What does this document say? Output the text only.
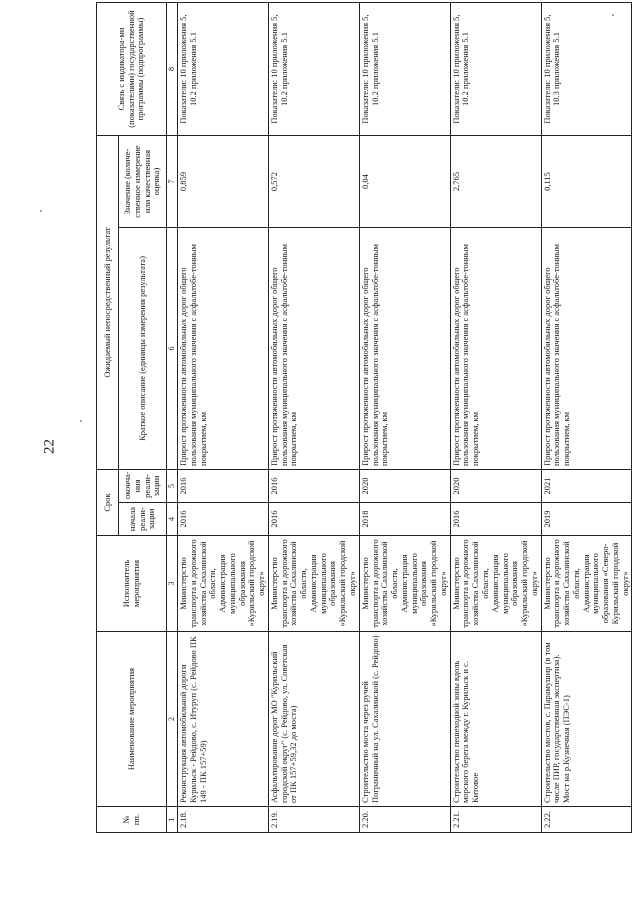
22
№ пп.	Наименование мероприятия	Исполнитель мероприятия	Срок		Ожидаемый непосредственный результат		Связь с индикатора-ми (показателями) государственной программы (подпрограммы)
			начала реали-зации	оконча-ния реали-зации	Краткое описание (единицы измерения результата)	Значение (количе-ственное измерение или качественная оценка)	

1	2	3	4	5	6	7	8
2.18.	Реконструкция автомобильной дороги Курильск - Рейдово, с. Итуруп (с. Рейдово ПК 149 - ПК 157+59)	Министерство транспорта и дорожного хозяйства Сахалинской области, Администрация муниципального образования «Курильский городской округ»	2016	2016	Прирост протяженности автомобильных дорог общего пользования муниципального значения с асфальтобе-тонным покрытием, км	0,859	Показатели: 10 приложения 5, 10.2 приложения 5.1
2.19.	Асфальтирование дорог МО "Курильский городской округ" (с. Рейдово, ул. Советская от ПК 157+59,32 до моста)	Министерство транспорта и дорожного хозяйства Сахалинской области, Администрация муниципального образования «Курильский городской округ»	2016	2016	Прирост протяженности автомобильных дорог общего пользования муниципального значения с асфальтобе-тонным покрытием, км	0,572	Показатели: 10 приложения 5, 10.2 приложения 5.1
2.20.	Строительство моста через ручей Пограничный на ул. Сахалинской (с. Рейдово)	Министерство транспорта и дорожного хозяйства Сахалинской области, Администрация муниципального образования «Курильский городской округ»	2018	2020	Прирост протяженности автомобильных дорог общего пользования муниципального значения с асфальтобе-тонным покрытием, км	0,04	Показатели: 10 приложения 5, 10.2 приложения 5.1
2.21.	Строительство пешеходной зоны вдоль морского берега между г. Курильск и с. Китовое	Министерство транспорта и дорожного хозяйства Сахалинской области, Администрация муниципального образования «Курильский городской округ»	2016	2020	Прирост протяженности автомобильных дорог общего пользования муниципального значения с асфальтобе-тонным покрытием, км	2,765	Показатели: 10 приложения 5, 10.2 приложения 5.1
2.22.	Строительство мостов, с. Парамушир (в том числе ПИР, государственная экспертиза). Мост на р.Кузнечная (ПЭС-1)	Министерство транспорта и дорожного хозяйства Сахалинской области, Администрация муниципального образования «Северо-Курильский городской округ»	2019	2021	Прирост протяженности автомобильных дорог общего пользования муниципального значения с асфальтобе-тонным покрытием, км	0,115	Показатели: 10 приложения 5, 10.3 приложения 5.1
